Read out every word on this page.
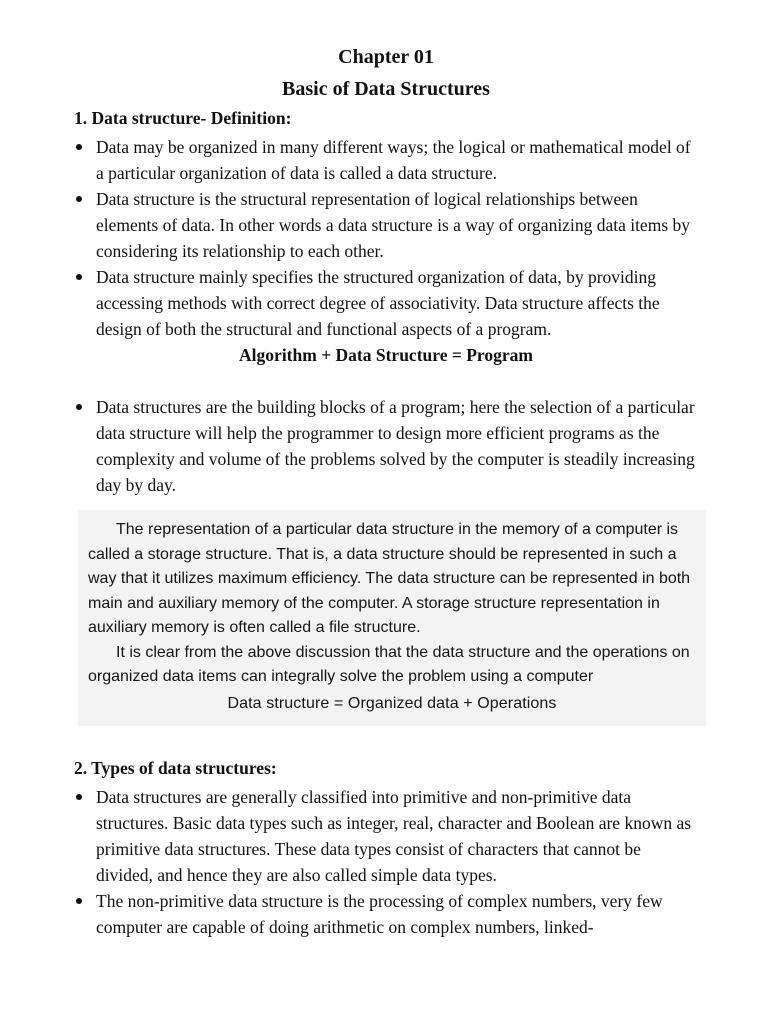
Chapter 01
Basic of Data Structures
1. Data structure- Definition:
Data may be organized in many different ways; the logical or mathematical model of a particular organization of data is called a data structure.
Data structure is the structural representation of logical relationships between elements of data. In other words a data structure is a way of organizing data items by considering its relationship to each other.
Data structure mainly specifies the structured organization of data, by providing accessing methods with correct degree of associativity. Data structure affects the design of both the structural and functional aspects of a program.
Algorithm + Data Structure = Program
Data structures are the building blocks of a program; here the selection of a particular data structure will help the programmer to design more efficient programs as the complexity and volume of the problems solved by the computer is steadily increasing day by day.

The representation of a particular data structure in the memory of a computer is called a storage structure. That is, a data structure should be represented in such a way that it utilizes maximum efficiency. The data structure can be represented in both main and auxiliary memory of the computer. A storage structure representation in auxiliary memory is often called a file structure.

It is clear from the above discussion that the data structure and the operations on organized data items can integrally solve the problem using a computer

Data structure = Organized data + Operations

2. Types of data structures:
Data structures are generally classified into primitive and non-primitive data structures. Basic data types such as integer, real, character and Boolean are known as primitive data structures. These data types consist of characters that cannot be divided, and hence they are also called simple data types.
The non-primitive data structure is the processing of complex numbers, very few computer are capable of doing arithmetic on complex numbers, linked-
